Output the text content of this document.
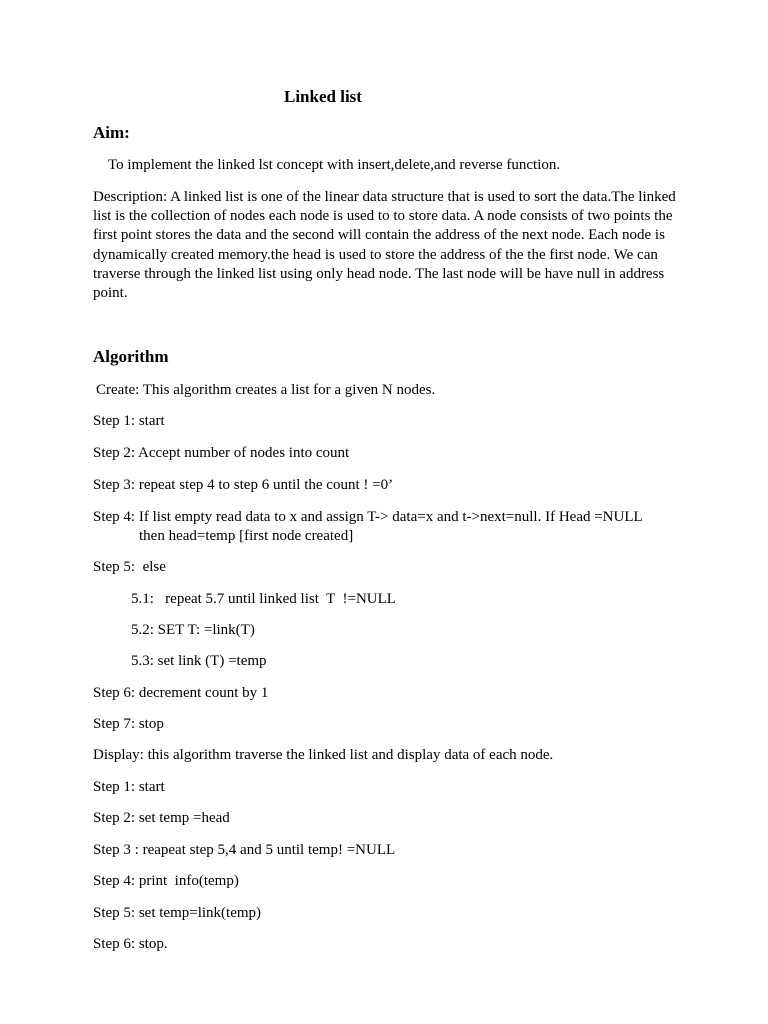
Linked list
Aim:
To implement the linked lst concept with insert,delete,and reverse function.
Description: A linked list is one of the linear data structure that is used to sort the data.The linked list is the collection of nodes each node is used to to store data. A node consists of two points the first point stores the data and the second will contain the address of the next node. Each node is dynamically created memory.the head is used to store the address of the the first node. We can traverse through the linked list using only head node. The last node will be have null in address point.
Algorithm
Create: This algorithm creates a list for a given N nodes.
Step 1: start
Step 2: Accept number of nodes into count
Step 3: repeat step 4 to step 6 until the count ! =0’
Step 4: If list empty read data to x and assign T-> data=x and t->next=null. If Head =NULL
then head=temp [first node created]
Step 5:  else
5.1:   repeat 5.7 until linked list  T  !=NULL
5.2: SET T: =link(T)
5.3: set link (T) =temp
Step 6: decrement count by 1
Step 7: stop
Display: this algorithm traverse the linked list and display data of each node.
Step 1: start
Step 2: set temp =head
Step 3 : reapeat step 5,4 and 5 until temp! =NULL
Step 4: print  info(temp)
Step 5: set temp=link(temp)
Step 6: stop.
